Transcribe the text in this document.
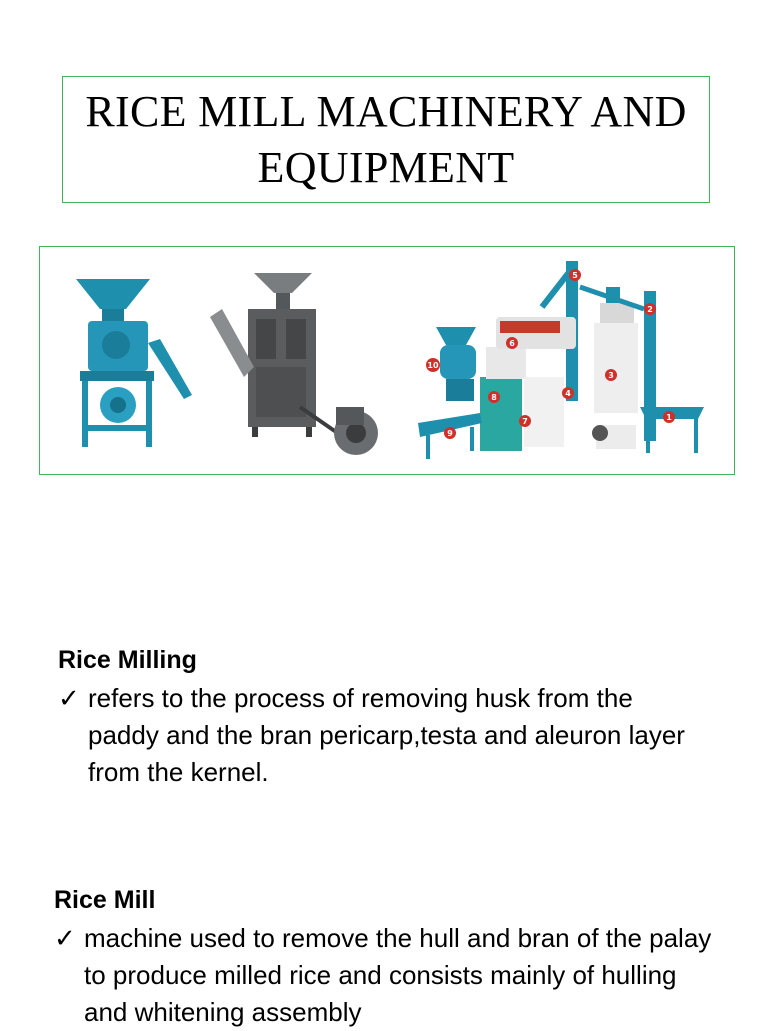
RICE MILL MACHINERY AND EQUIPMENT
1
2
3
4
5
6
7
8
9
10
Rice Milling
✓ refers to the process of removing husk from the paddy and the bran pericarp,testa and aleuron layer from the kernel.
Rice Mill
✓ machine used to remove the hull and bran of the palay to produce milled rice and consists mainly of hulling and whitening assembly
